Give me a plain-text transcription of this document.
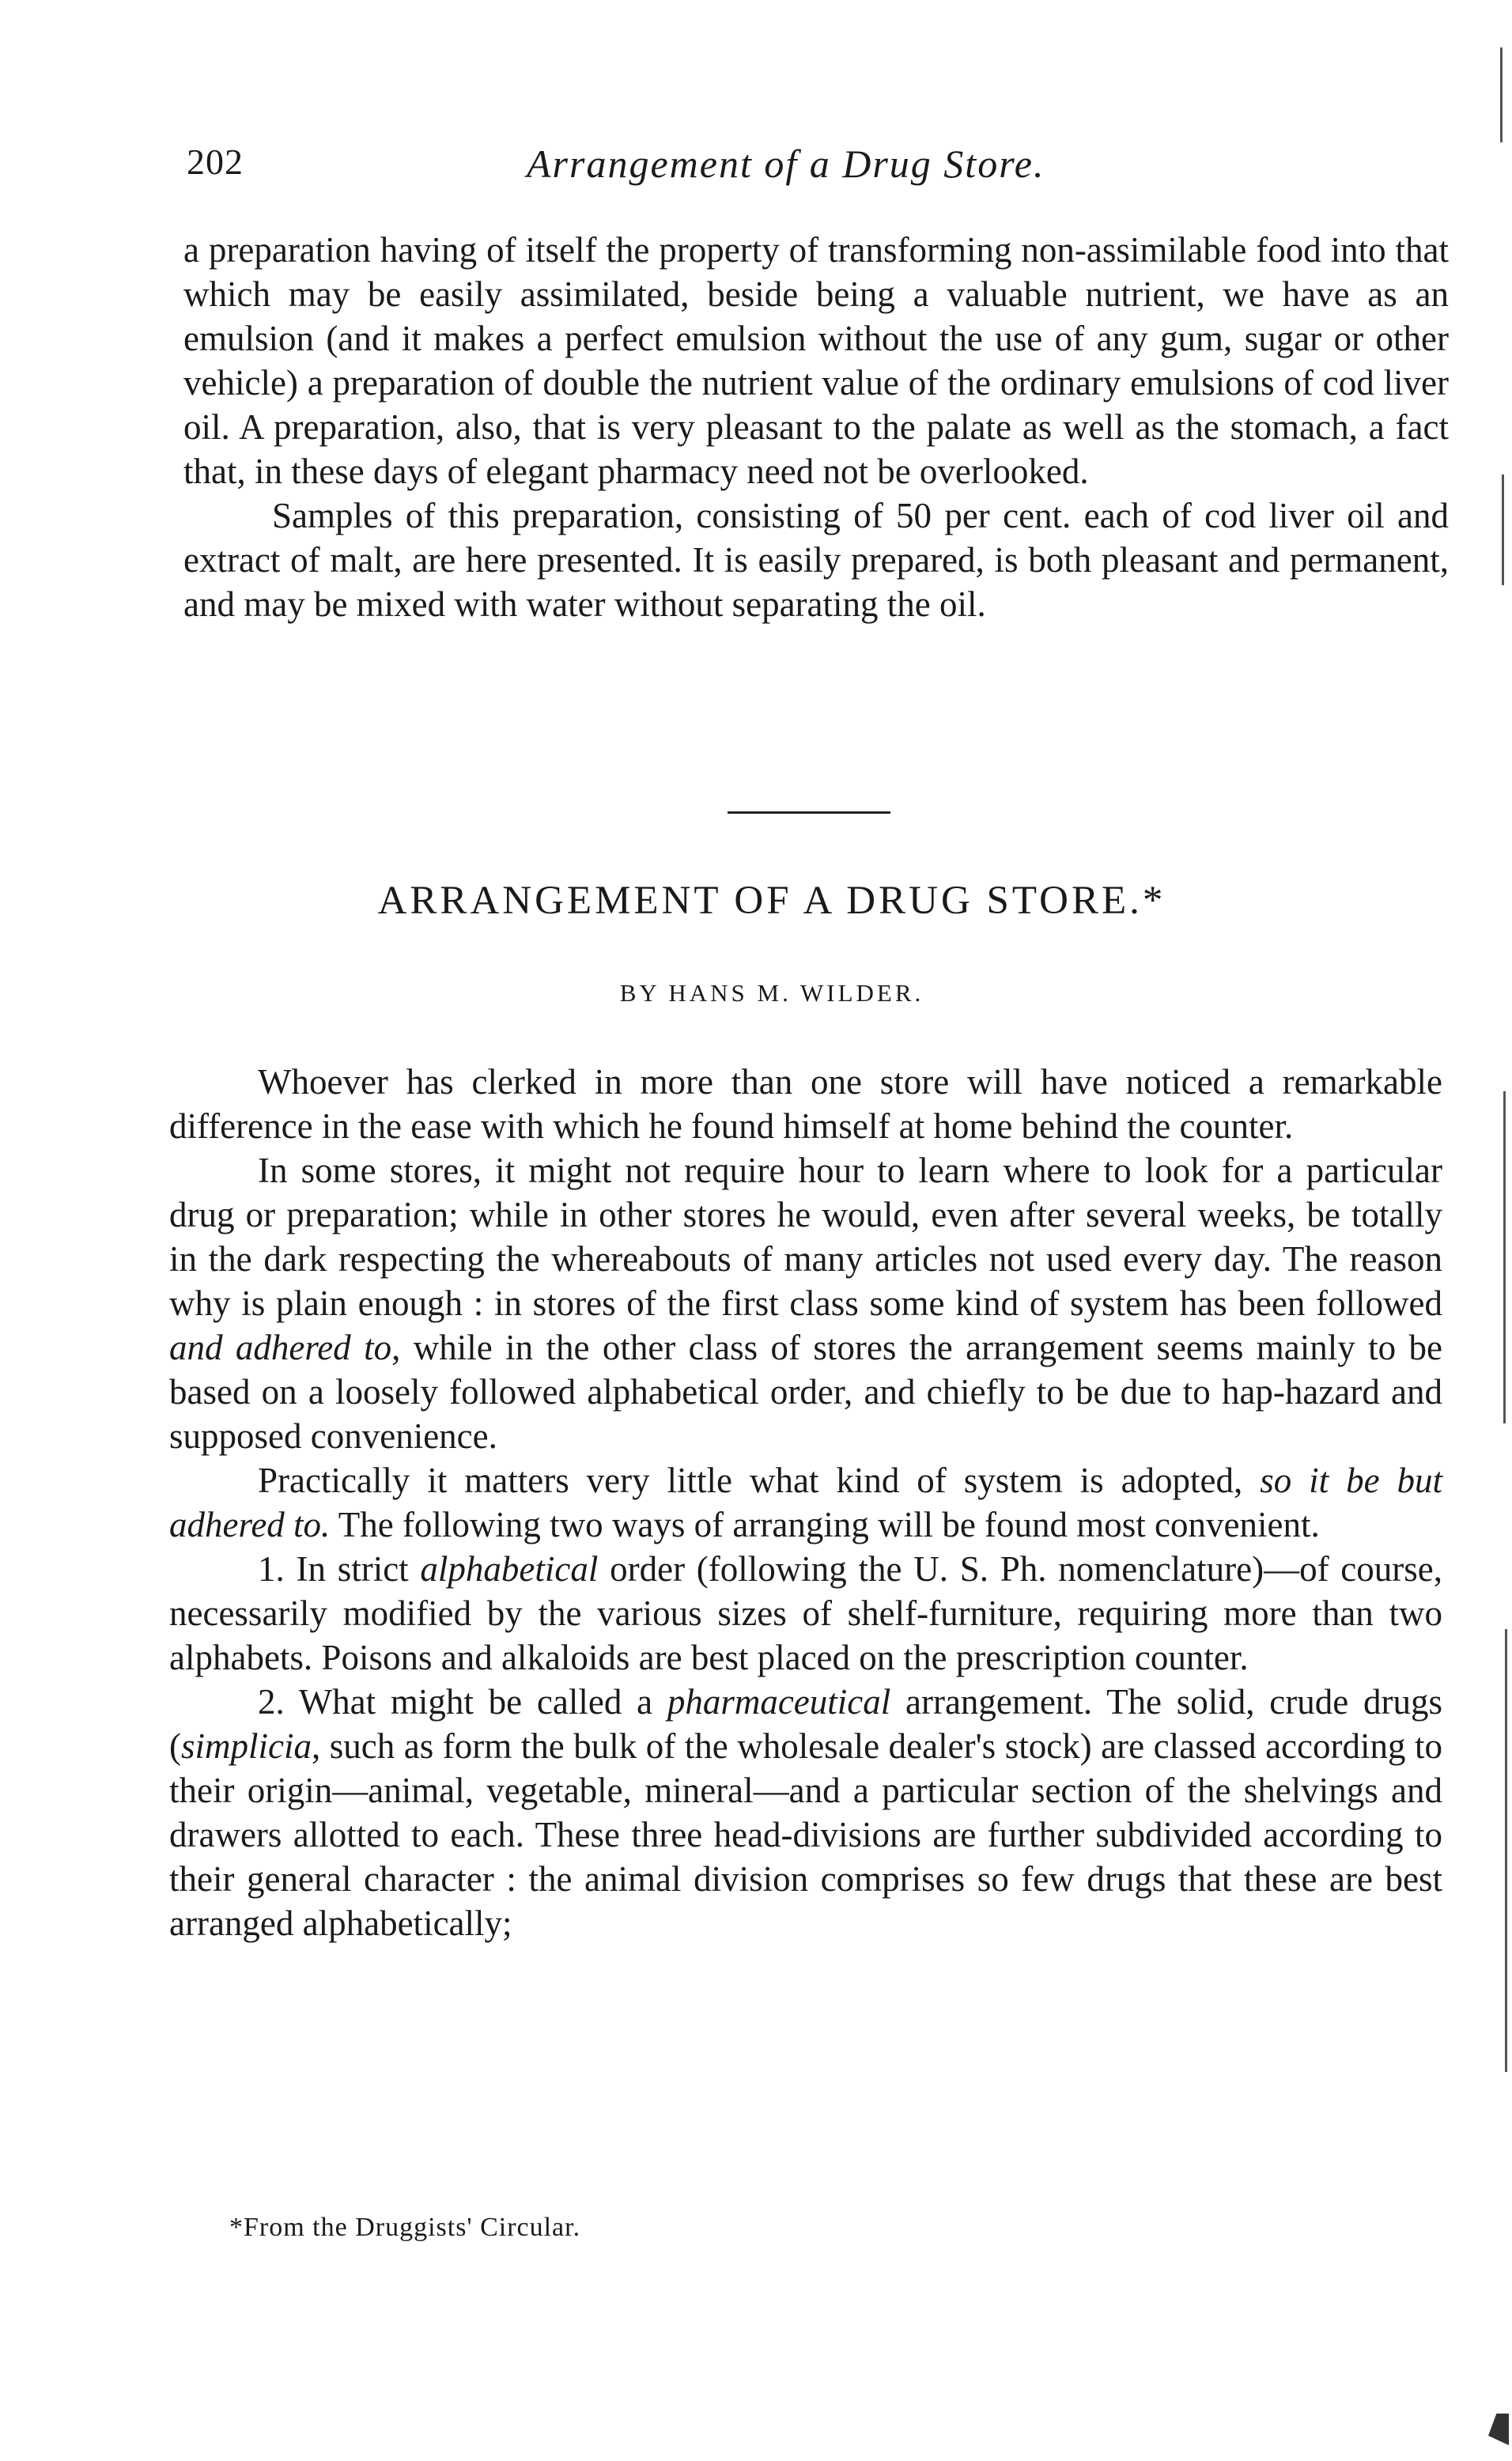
202	Arrangement of a Drug Store.

a preparation having of itself the property of transforming non-assimilable food into that which may be easily assimilated, beside being a valuable nutrient, we have as an emulsion (and it makes a perfect emulsion without the use of any gum, sugar or other vehicle) a preparation of double the nutrient value of the ordinary emulsions of cod liver oil. A preparation, also, that is very pleasant to the palate as well as the stomach, a fact that, in these days of elegant pharmacy need not be overlooked.

Samples of this preparation, consisting of 50 per cent. each of cod liver oil and extract of malt, are here presented. It is easily prepared, is both pleasant and permanent, and may be mixed with water without separating the oil.

ARRANGEMENT OF A DRUG STORE.*
BY HANS M. WILDER.

Whoever has clerked in more than one store will have noticed a remarkable difference in the ease with which he found himself at home behind the counter.

In some stores, it might not require hour to learn where to look for a particular drug or preparation; while in other stores he would, even after several weeks, be totally in the dark respecting the whereabouts of many articles not used every day. The reason why is plain enough : in stores of the first class some kind of system has been followed and adhered to, while in the other class of stores the arrangement seems mainly to be based on a loosely followed alphabetical order, and chiefly to be due to hap-hazard and supposed convenience.

Practically it matters very little what kind of system is adopted, so it be but adhered to. The following two ways of arranging will be found most convenient.

1. In strict alphabetical order (following the U. S. Ph. nomenclature)—of course, necessarily modified by the various sizes of shelf-furniture, requiring more than two alphabets. Poisons and alkaloids are best placed on the prescription counter.

2. What might be called a pharmaceutical arrangement. The solid, crude drugs (simplicia, such as form the bulk of the wholesale dealer's stock) are classed according to their origin—animal, vegetable, mineral—and a particular section of the shelvings and drawers allotted to each. These three head-divisions are further subdivided according to their general character : the animal division comprises so few drugs that these are best arranged alphabetically;

*From the Druggists' Circular.
